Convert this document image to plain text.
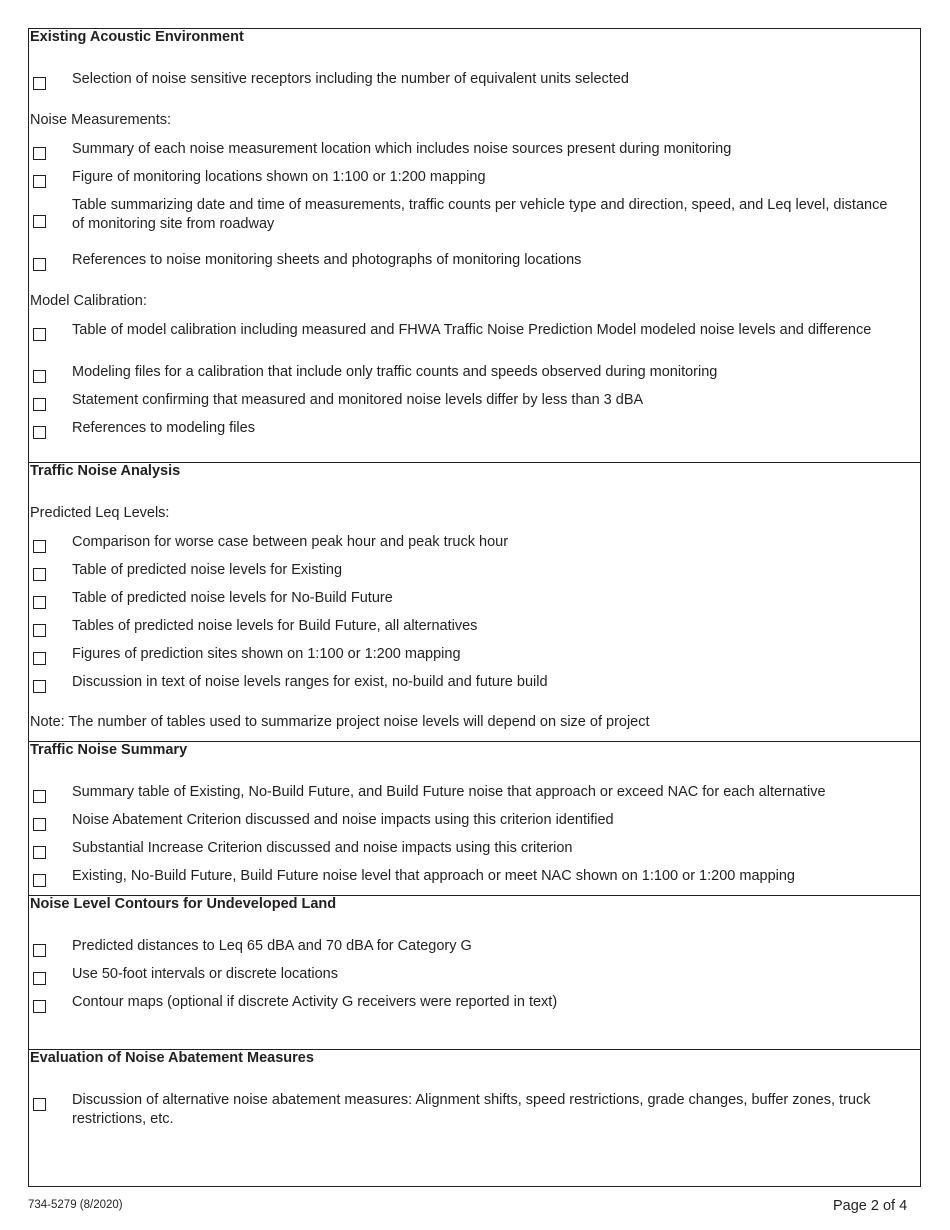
Existing Acoustic Environment
Selection of noise sensitive receptors including the number of equivalent units selected
Noise Measurements:
Summary of each noise measurement location which includes noise sources present during monitoring
Figure of monitoring locations shown on 1:100 or 1:200 mapping
Table summarizing date and time of measurements, traffic counts per vehicle type and direction, speed, and Leq level, distance of monitoring site from roadway
References to noise monitoring sheets and photographs of monitoring locations
Model Calibration:
Table of model calibration including measured and FHWA Traffic Noise Prediction Model modeled noise levels and difference
Modeling files for a calibration that include only traffic counts and speeds observed during monitoring
Statement confirming that measured and monitored noise levels differ by less than 3 dBA
References to modeling files
Traffic Noise Analysis
Predicted Leq Levels:
Comparison for worse case between peak hour and peak truck hour
Table of predicted noise levels for Existing
Table of predicted noise levels for No-Build Future
Tables of predicted noise levels for Build Future, all alternatives
Figures of prediction sites shown on 1:100 or 1:200 mapping
Discussion in text of noise levels ranges for exist, no-build and future build
Note: The number of tables used to summarize project noise levels will depend on size of project
Traffic Noise Summary
Summary table of Existing, No-Build Future, and Build Future noise that approach or exceed NAC for each alternative
Noise Abatement Criterion discussed and noise impacts using this criterion identified
Substantial Increase Criterion discussed and noise impacts using this criterion
Existing, No-Build Future, Build Future noise level that approach or meet NAC shown on 1:100 or 1:200 mapping
Noise Level Contours for Undeveloped Land
Predicted distances to Leq 65 dBA and 70 dBA for Category G
Use 50-foot intervals or discrete locations
Contour maps (optional if discrete Activity G receivers were reported in text)
Evaluation of Noise Abatement Measures
Discussion of alternative noise abatement measures: Alignment shifts, speed restrictions, grade changes, buffer zones, truck restrictions, etc.
734-5279 (8/2020)	Page 2 of 4
